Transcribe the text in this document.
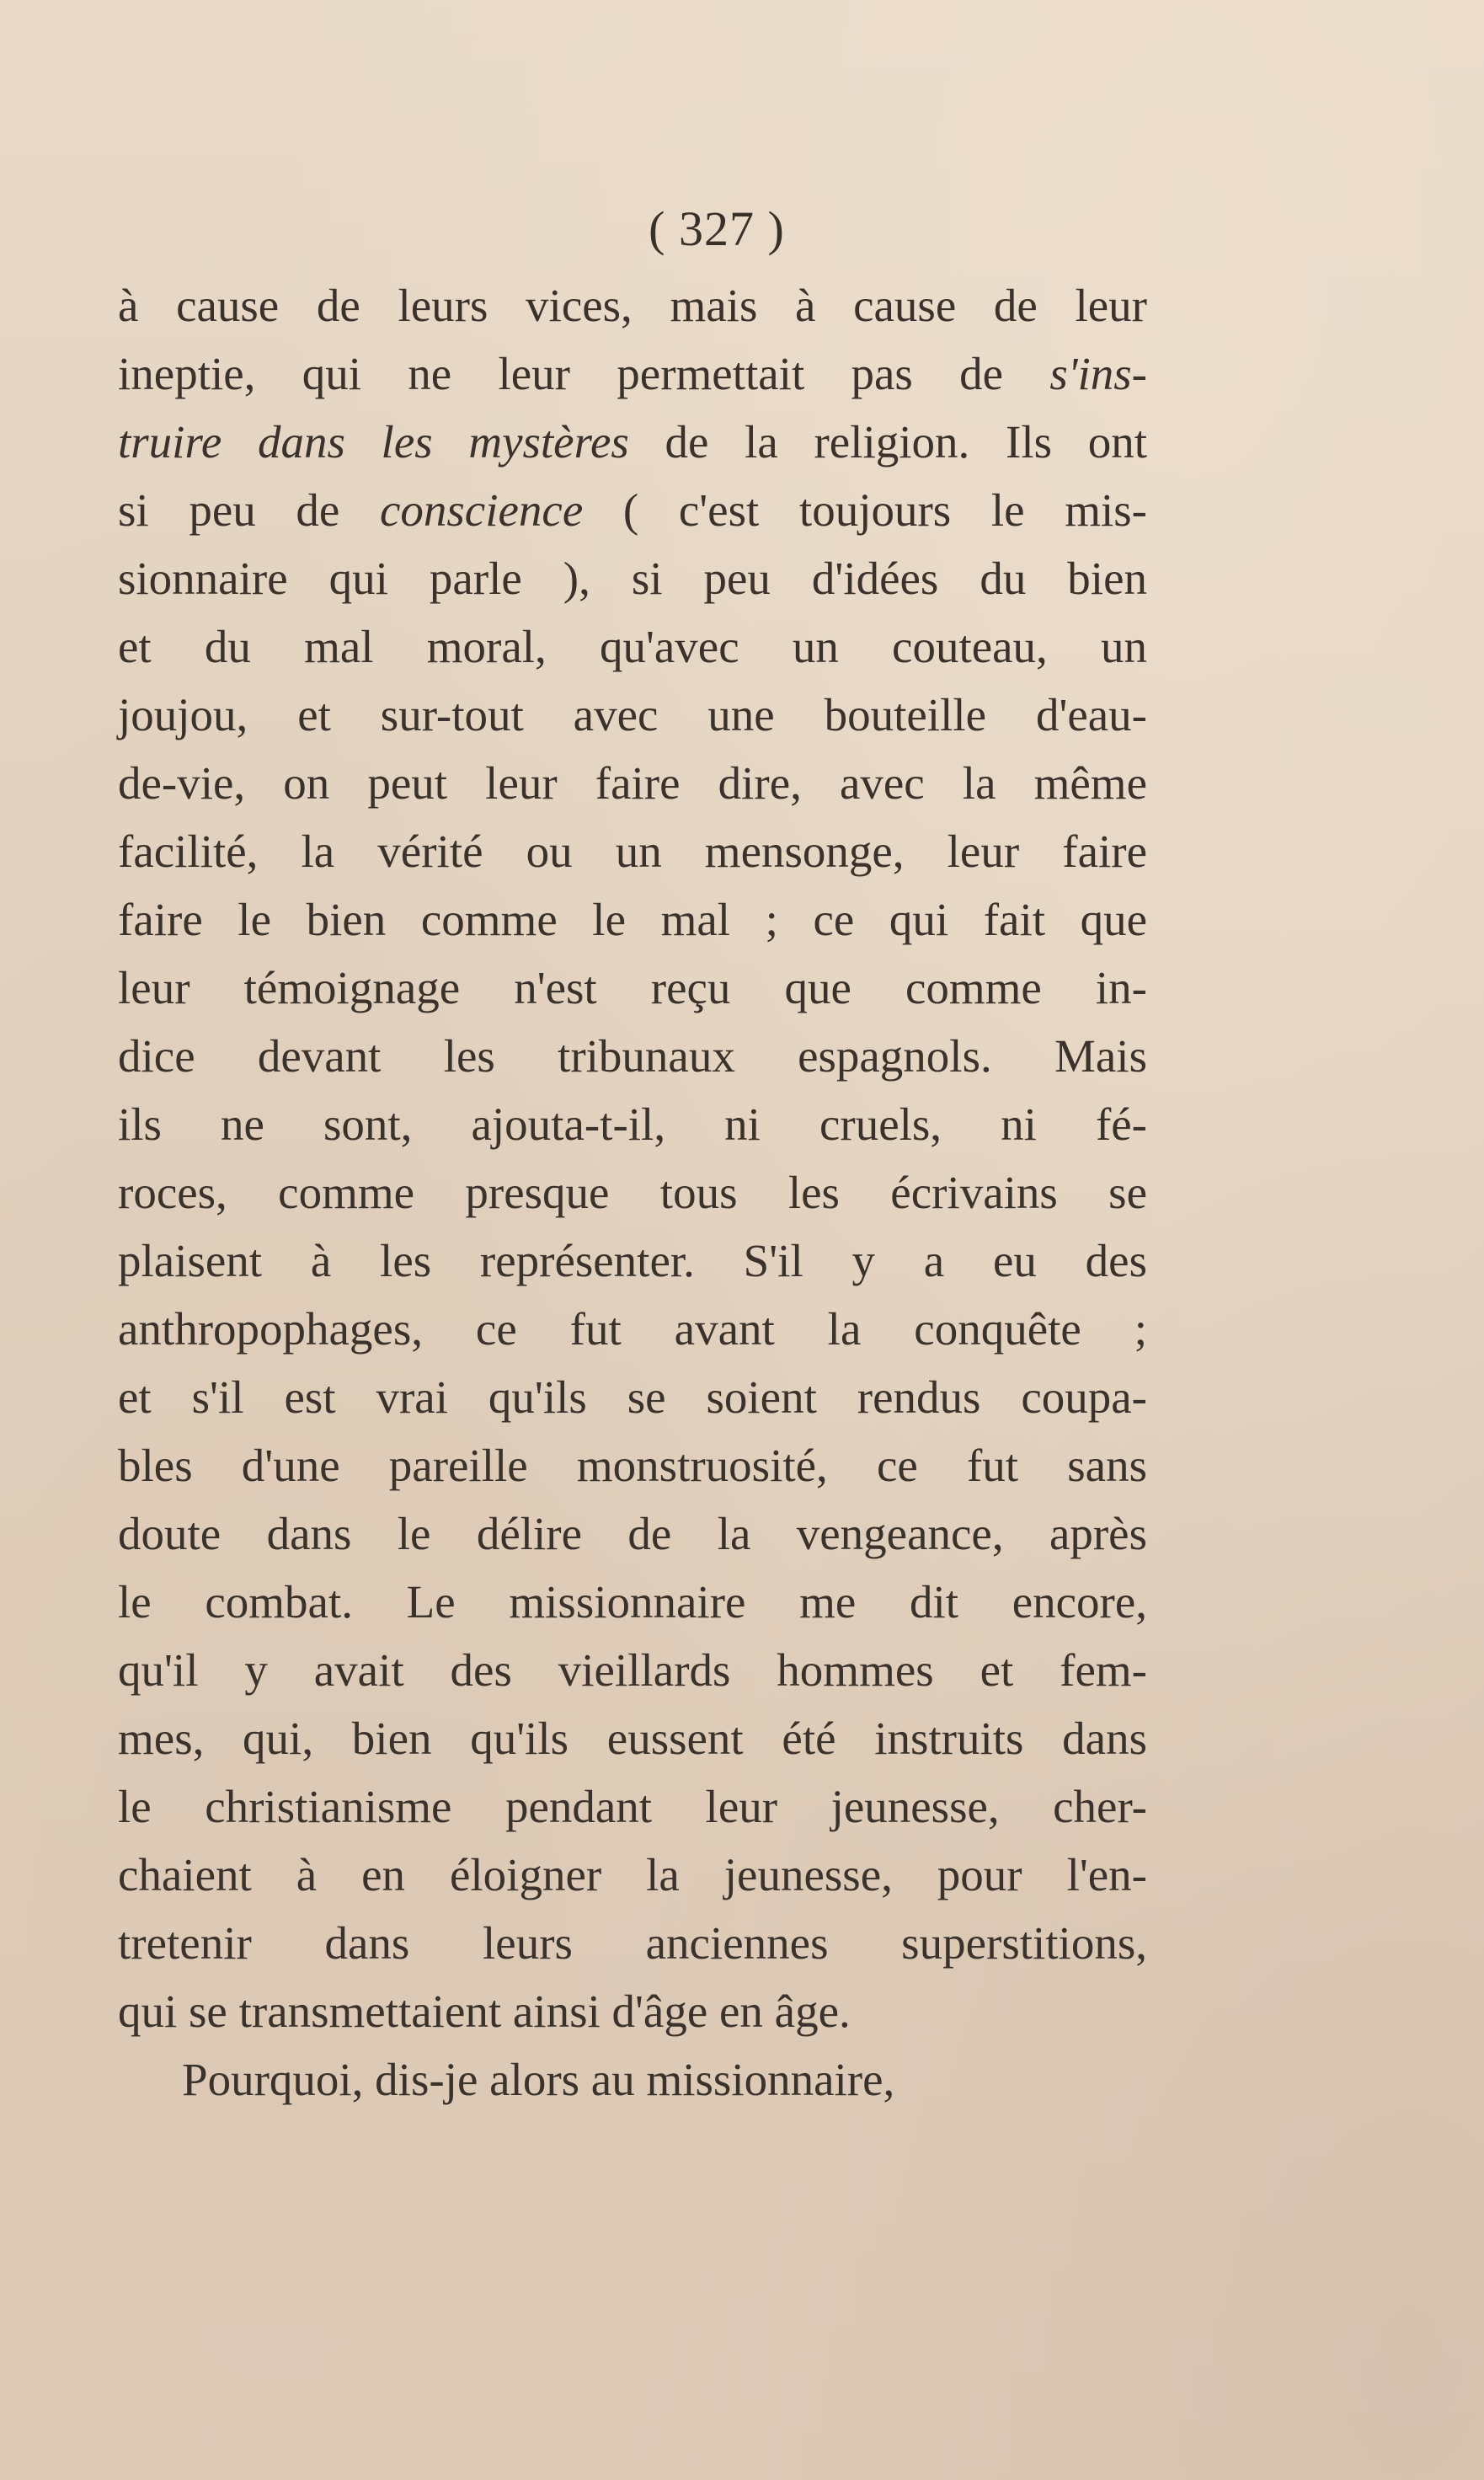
( 327 )
à cause de leurs vices, mais à cause de leur
ineptie, qui ne leur permettait pas de s'ins-
truire dans les mystères de la religion. Ils ont
si peu de conscience ( c'est toujours le mis-
sionnaire qui parle ), si peu d'idées du bien
et du mal moral, qu'avec un couteau, un
joujou, et sur-tout avec une bouteille d'eau-
de-vie, on peut leur faire dire, avec la même
facilité, la vérité ou un mensonge, leur faire
faire le bien comme le mal ; ce qui fait que
leur témoignage n'est reçu que comme in-
dice devant les tribunaux espagnols. Mais
ils ne sont, ajouta-t-il, ni cruels, ni fé-
roces, comme presque tous les écrivains se
plaisent à les représenter. S'il y a eu des
anthropophages, ce fut avant la conquête ;
et s'il est vrai qu'ils se soient rendus coupa-
bles d'une pareille monstruosité, ce fut sans
doute dans le délire de la vengeance, après
le combat. Le missionnaire me dit encore,
qu'il y avait des vieillards hommes et fem-
mes, qui, bien qu'ils eussent été instruits dans
le christianisme pendant leur jeunesse, cher-
chaient à en éloigner la jeunesse, pour l'en-
tretenir dans leurs anciennes superstitions,
qui se transmettaient ainsi d'âge en âge.
Pourquoi, dis-je alors au missionnaire,
